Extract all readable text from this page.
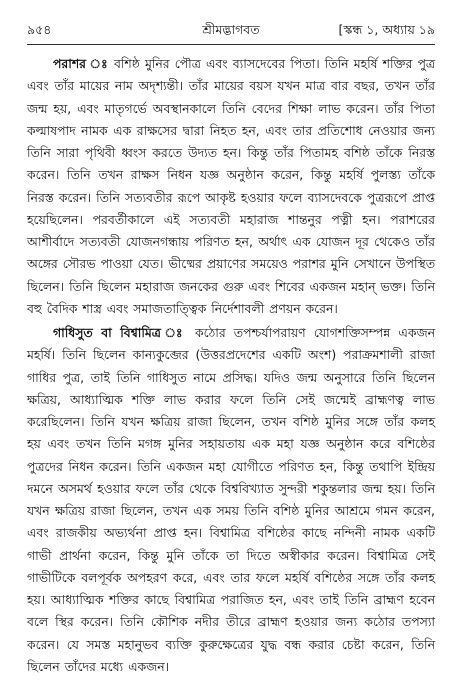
৯৫৪	শ্রীমদ্ভাগবত	[স্কন্ধ ১, অধ্যায় ১৯

পরাশর ঃ বশিষ্ঠ মুনির পৌত্র এবং ব্যাসদেবের পিতা। তিনি মহর্ষি শক্তির পুত্র এবং তাঁর মায়ের নাম অদৃশ্যন্তী। তাঁর মায়ের বয়স যখন মাত্র বার বছর, তখন তাঁর জন্ম হয়, এবং মাতৃগর্ভে অবস্থানকালে তিনি বেদের শিক্ষা লাভ করেন। তাঁর পিতা কল্মাষপাদ নামক এক রাক্ষসের দ্বারা নিহত হন, এবং তার প্রতিশোধ নেওয়ার জন্য তিনি সারা পৃথিবী ধ্বংস করতে উদ্যত হন। কিন্তু তাঁর পিতামহ বশিষ্ঠ তাঁকে নিরস্ত করেন। তিনি তখন রাক্ষস নিধন যজ্ঞ অনুষ্ঠান করেন, কিন্তু মহর্ষি পুলস্ত্য তাঁকে নিরস্ত করেন। তিনি সত্যবতীর রূপে আকৃষ্ট হওয়ার ফলে ব্যাসদেবকে পুত্ররূপে প্রাপ্ত হয়েছিলেন। পরবর্তীকালে এই সত্যবতী মহারাজ শান্তনুর পত্নী হন। পরাশরের আশীর্বাদে সত্যবতী যোজনগন্ধায় পরিণত হন, অর্থাৎ এক যোজন দূর থেকেও তাঁর অঙ্গের সৌরভ পাওয়া যেত। ভীষ্মের প্রয়াণের সময়েও পরাশর মুনি সেখানে উপস্থিত ছিলেন। তিনি ছিলেন মহারাজ জনকের গুরু এবং শিবের একজন মহান্ ভক্ত। তিনি বহু বৈদিক শাস্ত্র এবং সমাজতাত্ত্বিক নির্দেশাবলী প্রণয়ন করেন।

গাধিসুত বা বিশ্বামিত্র ঃ কঠোর তপশ্চর্যাপরায়ণ যোগশক্তিসম্পন্ন একজন মহর্ষি। তিনি ছিলেন কান্যকুব্জের (উত্তরপ্রদেশের একটি অংশ) পরাক্রমশালী রাজা গাধির পুত্র, তাই তিনি গাধিসুত নামে প্রসিদ্ধ। যদিও জন্ম অনুসারে তিনি ছিলেন ক্ষত্রিয়, আধ্যাত্মিক শক্তি লাভ করার ফলে তিনি সেই জন্মেই ব্রাহ্মণত্ব লাভ করেছিলেন। তিনি যখন ক্ষত্রিয় রাজা ছিলেন, তখন বশিষ্ঠ মুনির সঙ্গে তাঁর কলহ হয় এবং তখন তিনি মগঙ্গ মুনির সহায়তায় এক মহা যজ্ঞ অনুষ্ঠান করে বশিষ্ঠের পুত্রদের নিধন করেন। তিনি একজন মহা যোগীতে পরিণত হন, কিন্তু তথাপি ইন্দ্রিয় দমনে অসমর্থ হওয়ার ফলে তাঁর থেকে বিশ্ববিখ্যাত সুন্দরী শকুন্তলার জন্ম হয়। তিনি যখন ক্ষত্রিয় রাজা ছিলেন, তখন এক সময় তিনি বশিষ্ঠ মুনির আশ্রমে গমন করেন, এবং রাজকীয় অভ্যর্থনা প্রাপ্ত হন। বিশ্বামিত্র বশিষ্ঠের কাছে নন্দিনী নামক একটি গাভী প্রার্থনা করেন, কিন্তু মুনি তাঁকে তা দিতে অস্বীকার করেন। বিশ্বামিত্র সেই গাভীটিকে বলপূর্বক অপহরণ করে, এবং তার ফলে মহর্ষি বশিষ্ঠের সঙ্গে তাঁর কলহ হয়। আধ্যাত্মিক শক্তির কাছে বিশ্বামিত্র পরাজিত হন, এবং তাই তিনি ব্রাহ্মণ হবেন বলে স্থির করেন। তিনি কৌশিক নদীর তীরে ব্রাহ্মণ হওয়ার জন্য কঠোর তপস্যা করেন। যে সমস্ত মহানুভব ব্যক্তি কুরুক্ষেত্রের যুদ্ধ বন্ধ করার চেষ্টা করেন, তিনি ছিলেন তাঁদের মধ্যে একজন।
